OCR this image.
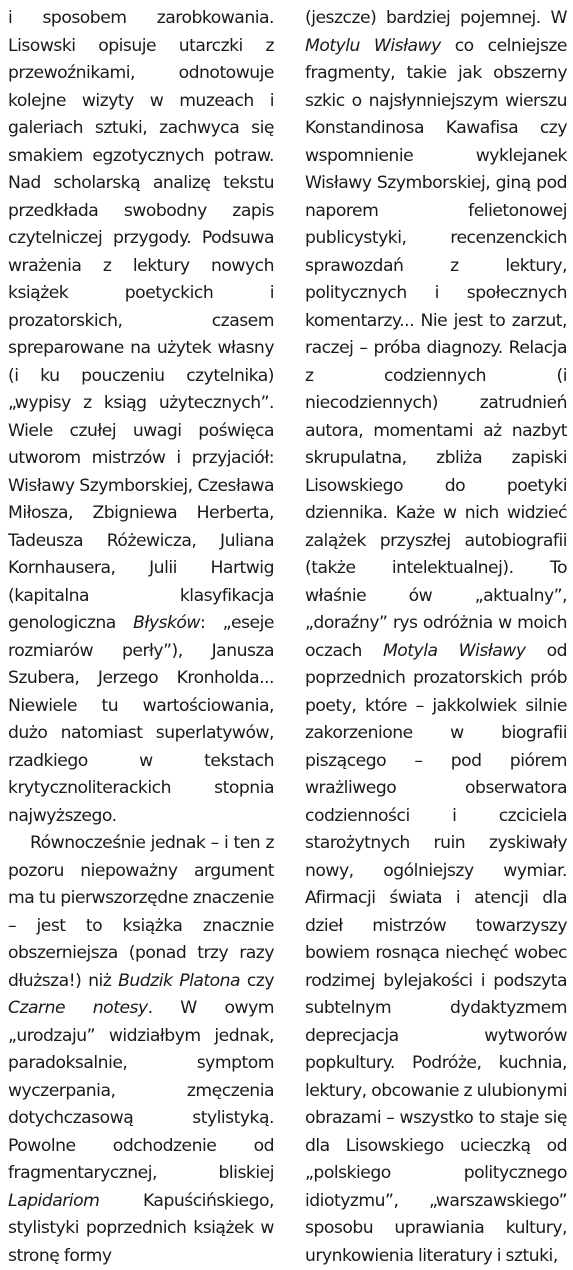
i sposobem zarobkowania. Lisowski opisuje utarczki z przewoźnikami, odnotowuje kolejne wizyty w muzeach i galeriach sztuki, zachwyca się smakiem egzotycznych potraw. Nad scholarską analizę tekstu przedkłada swobodny zapis czytelniczej przygody. Podsuwa wrażenia z lektury nowych książek poetyckich i prozatorskich, czasem spreparowane na użytek własny (i ku pouczeniu czytelnika) „wypisy z ksiąg użytecznych”. Wiele czułej uwagi poświęca utworom mistrzów i przyjaciół: Wisławy Szymborskiej, Czesława Miłosza, Zbigniewa Herberta, Tadeusza Różewicza, Juliana Kornhausera, Julii Hartwig (kapitalna klasyfikacja genologiczna Błysków: „eseje rozmiarów perły”), Janusza Szubera, Jerzego Kronholda... Niewiele tu wartościowania, dużo natomiast superlatywów, rzadkiego w tekstach krytycznoliterackich stopnia najwyższego.

Równocześnie jednak – i ten z pozoru niepoważny argument ma tu pierwszorzędne znaczenie – jest to książka znacznie obszerniejsza (ponad trzy razy dłuższa!) niż Budzik Platona czy Czarne notesy. W owym „urodzaju” widziałbym jednak, paradoksalnie, symptom wyczerpania, zmęczenia dotychczasową stylistyką. Powolne odchodzenie od fragmentarycznej, bliskiej Lapidariom Kapuścińskiego, stylistyki poprzednich książek w stronę formy

(jeszcze) bardziej pojemnej. W Motylu Wisławy co celniejsze fragmenty, takie jak obszerny szkic o najsłynniejszym wierszu Konstandinosa Kawafisa czy wspomnienie wyklejanek Wisławy Szymborskiej, giną pod naporem felietonowej publicystyki, recenzenckich sprawozdań z lektury, politycznych i społecznych komentarzy... Nie jest to zarzut, raczej – próba diagnozy. Relacja z codziennych (i niecodziennych) zatrudnień autora, momentami aż nazbyt skrupulatna, zbliża zapiski Lisowskiego do poetyki dziennika. Każe w nich widzieć zalążek przyszłej autobiografii (także intelektualnej). To właśnie ów „aktualny”, „doraźny” rys odróżnia w moich oczach Motyla Wisławy od poprzednich prozatorskich prób poety, które – jakkolwiek silnie zakorzenione w biografii piszącego – pod piórem wrażliwego obserwatora codzienności i czciciela starożytnych ruin zyskiwały nowy, ogólniejszy wymiar. Afirmacji świata i atencji dla dzieł mistrzów towarzyszy bowiem rosnąca niechęć wobec rodzimej bylejakości i podszyta subtelnym dydaktyzmem deprecjacja wytworów popkultury. Podróże, kuchnia, lektury, obcowanie z ulubionymi obrazami – wszystko to staje się dla Lisowskiego ucieczką od „polskiego politycznego idiotyzmu”, „warszawskiego” sposobu uprawiania kultury, urynkowienia literatury i sztuki,
